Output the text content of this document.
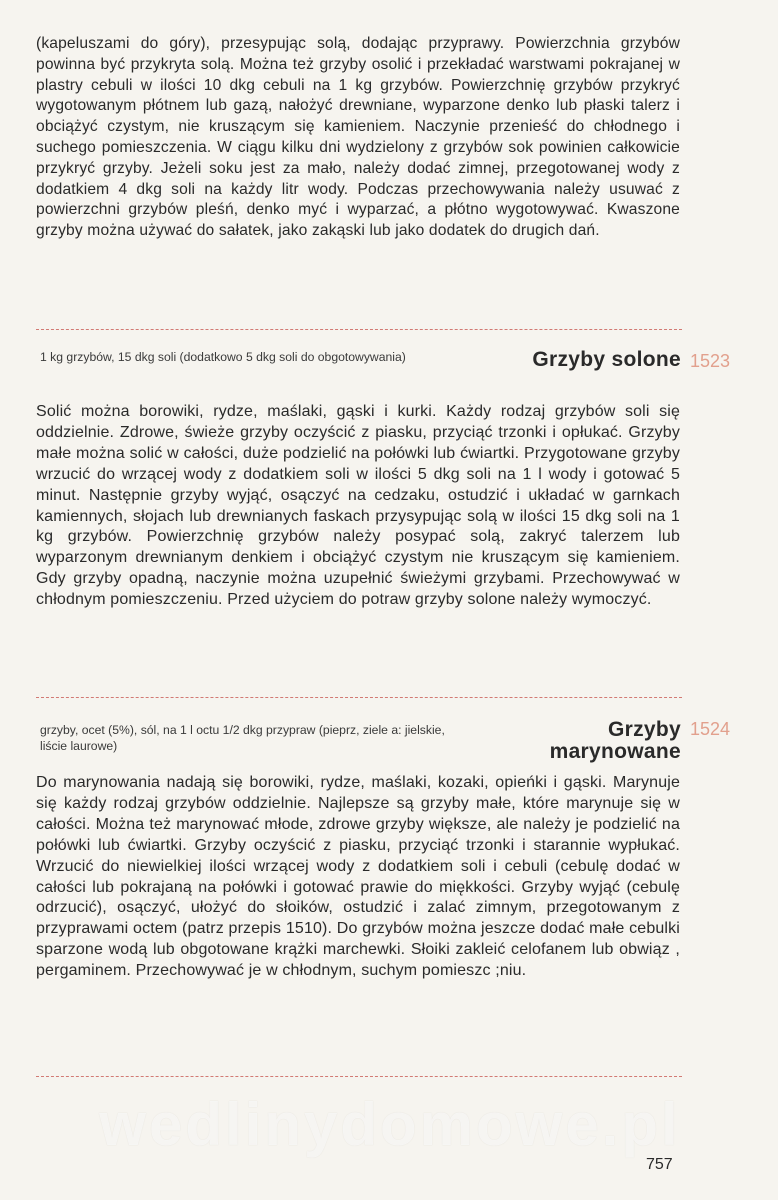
(kapeluszami do góry), przesypując solą, dodając przyprawy. Powierzchnia grzybów powinna być przykryta solą. Można też grzyby osolić i przekładać warstwami pokrajanej w plastry cebuli w ilości 10 dkg cebuli na 1 kg grzybów. Powierzchnię grzybów przykryć wygotowanym płótnem lub gazą, nałożyć drewniane, wyparzone denko lub płaski talerz i obciążyć czystym, nie kruszącym się kamieniem. Naczynie przenieść do chłodnego i suchego pomieszczenia. W ciągu kilku dni wydzielony z grzybów sok powinien całkowicie przykryć grzyby. Jeżeli soku jest za mało, należy dodać zimnej, przegotowanej wody z dodatkiem 4 dkg soli na każdy litr wody. Podczas przechowywania należy usuwać z powierzchni grzybów pleśń, denko myć i wyparzać, a płótno wygotowywać. Kwaszone grzyby można używać do sałatek, jako zakąski lub jako dodatek do drugich dań.

1 kg grzybów, 15 dkg soli (dodatkowo 5 dkg soli do obgotowywania)	Grzyby solone 1523

Solić można borowiki, rydze, maślaki, gąski i kurki. Każdy rodzaj grzybów soli się oddzielnie. Zdrowe, świeże grzyby oczyścić z piasku, przyciąć trzonki i opłukać. Grzyby małe można solić w całości, duże podzielić na połówki lub ćwiartki. Przygotowane grzyby wrzucić do wrzącej wody z dodatkiem soli w ilości 5 dkg soli na 1 l wody i gotować 5 minut. Następnie grzyby wyjąć, osączyć na cedzaku, ostudzić i układać w garnkach kamiennych, słojach lub drewnianych faskach przysypując solą w ilości 15 dkg soli na 1 kg grzybów. Powierzchnię grzybów należy posypać solą, zakryć talerzem lub wyparzonym drewnianym denkiem i obciążyć czystym nie kruszącym się kamieniem. Gdy grzyby opadną, naczynie można uzupełnić świeżymi grzybami. Przechowywać w chłodnym pomieszczeniu. Przed użyciem do potraw grzyby solone należy wymoczyć.

grzyby, ocet (5%), sól, na 1 l octu 1/2 dkg przypraw (pieprz, ziele a: jielskie, liście laurowe)

Grzyby marynowane

1524

Do marynowania nadają się borowiki, rydze, maślaki, kozaki, opieńki i gąski. Marynuje się każdy rodzaj grzybów oddzielnie. Najlepsze są grzyby małe, które marynuje się w całości. Można też marynować młode, zdrowe grzyby większe, ale należy je podzielić na połówki lub ćwiartki. Grzyby oczyścić z piasku, przyciąć trzonki i starannie wypłukać. Wrzucić do niewielkiej ilości wrzącej wody z dodatkiem soli i cebuli (cebulę dodać w całości lub pokrajaną na połówki i gotować prawie do miękkości. Grzyby wyjąć (cebulę odrzucić), osączyć, ułożyć do słoików, ostudzić i zalać zimnym, przegotowanym z przyprawami octem (patrz przepis 1510). Do grzybów można jeszcze dodać małe cebulki sparzone wodą lub obgotowane krążki marchewki. Słoiki zakleić celofanem lub obwiąz , pergaminem. Przechowywać je w chłodnym, suchym pomieszc ;niu.

wedlinydomowe.pl

757
